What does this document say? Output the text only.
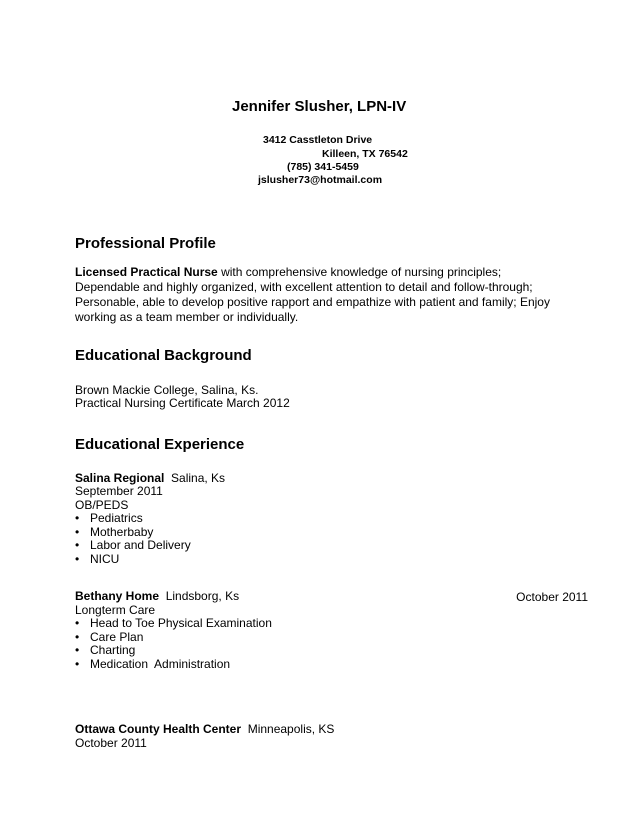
Jennifer Slusher, LPN-IV
3412 Casstleton Drive
Killeen, TX 76542
(785) 341-5459
jslusher73@hotmail.com
Professional Profile
Licensed Practical Nurse with comprehensive knowledge of nursing principles; Dependable and highly organized, with excellent attention to detail and follow-through; Personable, able to develop positive rapport and empathize with patient and family; Enjoy working as a team member or individually.
Educational Background
Brown Mackie College, Salina, Ks.
Practical Nursing Certificate March 2012
Educational Experience
Salina Regional  Salina, Ks
September 2011
OB/PEDS
• Pediatrics
• Motherbaby
• Labor and Delivery
• NICU
Bethany Home  Lindsborg, Ks	October 2011
Longterm Care
• Head to Toe Physical Examination
• Care Plan
• Charting
• Medication  Administration
Ottawa County Health Center  Minneapolis, KS
October 2011
